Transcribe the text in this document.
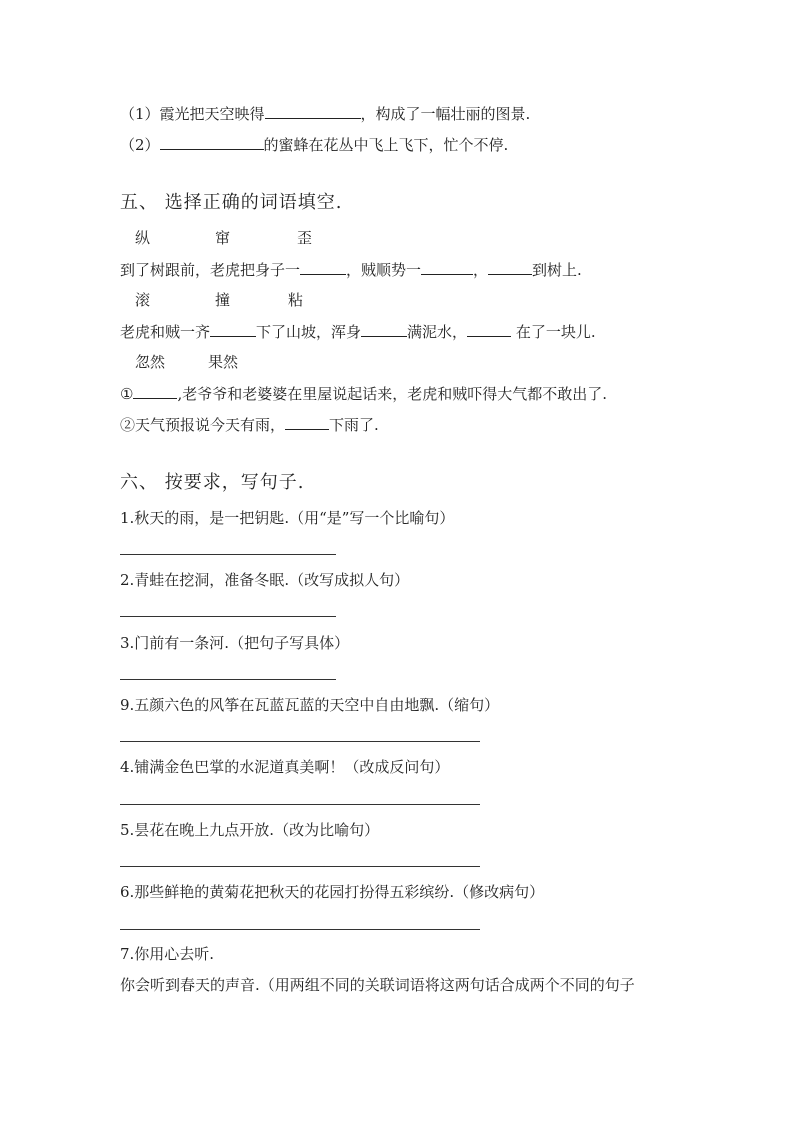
（1）霞光把天空映得	，构成了一幅壮丽的图景.
（2）	的蜜蜂在花丛中飞上飞下，忙个不停.
五、 选择正确的词语填空.
纵	窜	歪
到了树跟前，老虎把身子一	，贼顺势一	，	到树上.
滚	撞	粘
老虎和贼一齐	下了山坡，浑身	满泥水，	在了一块儿.
忽然	果然
①	,老爷爷和老婆婆在里屋说起话来，老虎和贼吓得大气都不敢出了.
②天气预报说今天有雨，	下雨了.
六、 按要求，写句子.
1.秋天的雨，是一把钥匙.（用“是”写一个比喻句）
2.青蛙在挖洞，准备冬眠.（改写成拟人句）
3.门前有一条河.（把句子写具体）
9.五颜六色的风筝在瓦蓝瓦蓝的天空中自由地飘.（缩句）
4.铺满金色巴掌的水泥道真美啊！（改成反问句）
5.昙花在晚上九点开放.（改为比喻句）
6.那些鲜艳的黄菊花把秋天的花园打扮得五彩缤纷.（修改病句）
7.你用心去听.
你会听到春天的声音.（用两组不同的关联词语将这两句话合成两个不同的句子
